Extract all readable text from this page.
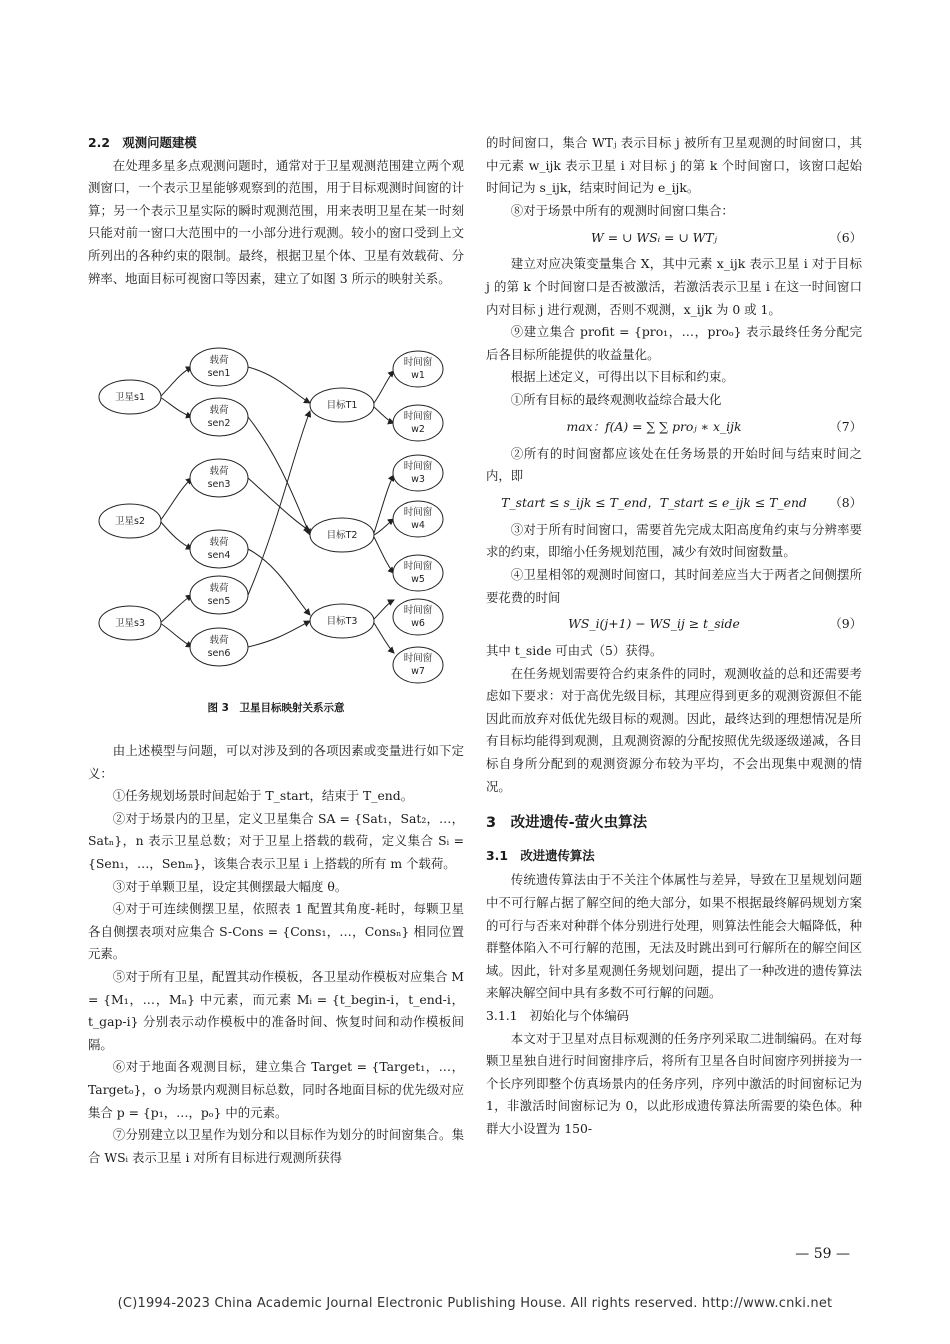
2.2　观测问题建模

在处理多星多点观测问题时，通常对于卫星观测范围建立两个观测窗口，一个表示卫星能够观察到的范围，用于目标观测时间窗的计算；另一个表示卫星实际的瞬时观测范围，用来表明卫星在某一时刻只能对前一窗口大范围中的一小部分进行观测。较小的窗口受到上文所列出的各种约束的限制。最终，根据卫星个体、卫星有效载荷、分辨率、地面目标可视窗口等因素，建立了如图 3 所示的映射关系。

卫星s1
卫星s2
卫星s3
载荷
sen1
载荷
sen2
载荷
sen3
载荷
sen4
载荷
sen5
载荷
sen6
目标T1
目标T2
目标T3
时间窗
w1
时间窗
w2
时间窗
w3
时间窗
w4
时间窗
w5
时间窗
w6
时间窗
w7
图 3　卫星目标映射关系示意

由上述模型与问题，可以对涉及到的各项因素或变量进行如下定义：

①任务规划场景时间起始于 T_start，结束于 T_end。

②对于场景内的卫星，定义卫星集合 SA = {Sat₁，Sat₂，…，Satₙ}，n 表示卫星总数；对于卫星上搭载的载荷，定义集合 Sᵢ = {Sen₁，…，Senₘ}，该集合表示卫星 i 上搭载的所有 m 个载荷。

③对于单颗卫星，设定其侧摆最大幅度 θ。

④对于可连续侧摆卫星，依照表 1 配置其角度-耗时，每颗卫星各自侧摆表项对应集合 S-Cons = {Cons₁，…，Consₙ} 相同位置元素。

⑤对于所有卫星，配置其动作模板，各卫星动作模板对应集合 M = {M₁，…，Mₙ} 中元素，而元素 Mᵢ = {t_begin-i，t_end-i，t_gap-i} 分别表示动作模板中的准备时间、恢复时间和动作模板间隔。

⑥对于地面各观测目标，建立集合 Target = {Target₁，…，Targetₒ}，o 为场景内观测目标总数，同时各地面目标的优先级对应集合 p = {p₁，…，pₒ} 中的元素。

⑦分别建立以卫星作为划分和以目标作为划分的时间窗集合。集合 WSᵢ 表示卫星 i 对所有目标进行观测所获得

的时间窗口，集合 WTⱼ 表示目标 j 被所有卫星观测的时间窗口，其中元素 w_ijk 表示卫星 i 对目标 j 的第 k 个时间窗口，该窗口起始时间记为 s_ijk，结束时间记为 e_ijk。

⑧对于场景中所有的观测时间窗口集合：

W = ∪ WSᵢ = ∪ WTⱼ	（6）

建立对应决策变量集合 X，其中元素 x_ijk 表示卫星 i 对于目标 j 的第 k 个时间窗口是否被激活，若激活表示卫星 i 在这一时间窗口内对目标 j 进行观测，否则不观测，x_ijk 为 0 或 1。

⑨建立集合 profit = {pro₁，…，proₒ} 表示最终任务分配完后各目标所能提供的收益量化。

根据上述定义，可得出以下目标和约束。

①所有目标的最终观测收益综合最大化

max：f(A) = ∑ ∑ proⱼ ∗ x_ijk	（7）

②所有的时间窗都应该处在任务场景的开始时间与结束时间之内，即

T_start ≤ s_ijk ≤ T_end，T_start ≤ e_ijk ≤ T_end	（8）

③对于所有时间窗口，需要首先完成太阳高度角约束与分辨率要求的约束，即缩小任务规划范围，减少有效时间窗数量。

④卫星相邻的观测时间窗口，其时间差应当大于两者之间侧摆所要花费的时间

WS_i(j+1) − WS_ij ≥ t_side	（9）

其中 t_side 可由式（5）获得。

在任务规划需要符合约束条件的同时，观测收益的总和还需要考虑如下要求：对于高优先级目标，其理应得到更多的观测资源但不能因此而放弃对低优先级目标的观测。因此，最终达到的理想情况是所有目标均能得到观测，且观测资源的分配按照优先级逐级递减，各目标自身所分配到的观测资源分布较为平均，不会出现集中观测的情况。

3　改进遗传-萤火虫算法
3.1　改进遗传算法

传统遗传算法由于不关注个体属性与差异，导致在卫星规划问题中不可行解占据了解空间的绝大部分，如果不根据最终解码规划方案的可行与否来对种群个体分别进行处理，则算法性能会大幅降低，种群整体陷入不可行解的范围，无法及时跳出到可行解所在的解空间区域。因此，针对多星观测任务规划问题，提出了一种改进的遗传算法来解决解空间中具有多数不可行解的问题。

3.1.1　初始化与个体编码

本文对于卫星对点目标观测的任务序列采取二进制编码。在对每颗卫星独自进行时间窗排序后，将所有卫星各自时间窗序列拼接为一个长序列即整个仿真场景内的任务序列，序列中激活的时间窗标记为 1，非激活时间窗标记为 0，以此形成遗传算法所需要的染色体。种群大小设置为 150-

— 59 —
(C)1994-2023 China Academic Journal Electronic Publishing House. All rights reserved. http://www.cnki.net
